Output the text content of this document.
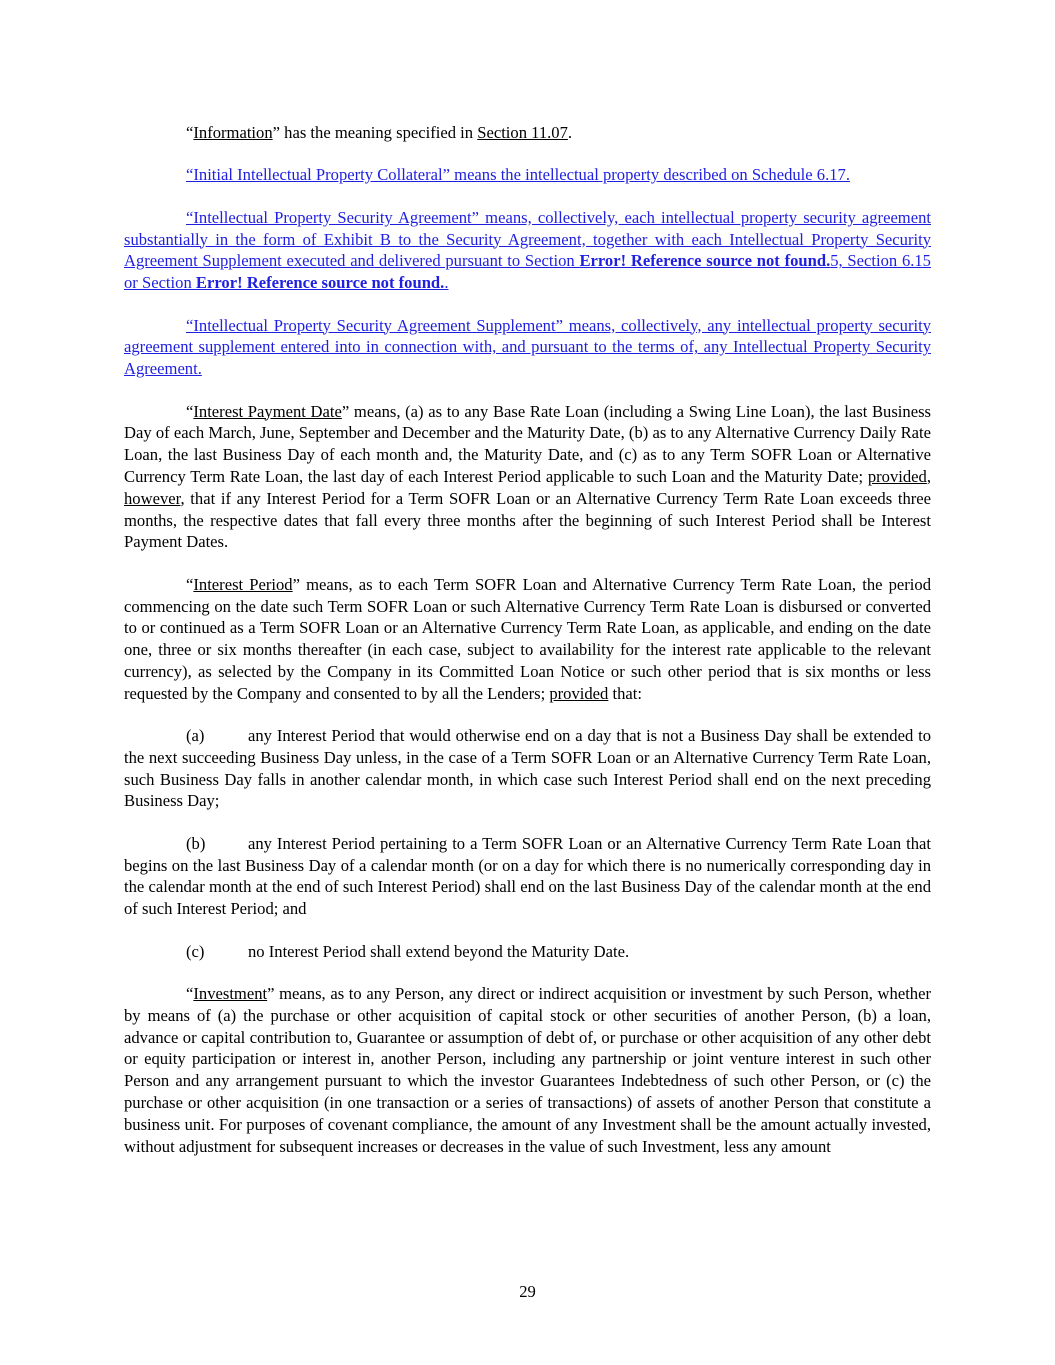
“Information” has the meaning specified in Section 11.07.

“Initial Intellectual Property Collateral” means the intellectual property described on Schedule 6.17.

“Intellectual Property Security Agreement” means, collectively, each intellectual property security agreement substantially in the form of Exhibit B to the Security Agreement, together with each Intellectual Property Security Agreement Supplement executed and delivered pursuant to Section Error! Reference source not found.5, Section 6.15 or Section Error! Reference source not found..

“Intellectual Property Security Agreement Supplement” means, collectively, any intellectual property security agreement supplement entered into in connection with, and pursuant to the terms of, any Intellectual Property Security Agreement.

“Interest Payment Date” means, (a) as to any Base Rate Loan (including a Swing Line Loan), the last Business Day of each March, June, September and December and the Maturity Date, (b) as to any Alternative Currency Daily Rate Loan, the last Business Day of each month and, the Maturity Date, and (c) as to any Term SOFR Loan or Alternative Currency Term Rate Loan, the last day of each Interest Period applicable to such Loan and the Maturity Date; provided, however, that if any Interest Period for a Term SOFR Loan or an Alternative Currency Term Rate Loan exceeds three months, the respective dates that fall every three months after the beginning of such Interest Period shall be Interest Payment Dates.

“Interest Period” means, as to each Term SOFR Loan and Alternative Currency Term Rate Loan, the period commencing on the date such Term SOFR Loan or such Alternative Currency Term Rate Loan is disbursed or converted to or continued as a Term SOFR Loan or an Alternative Currency Term Rate Loan, as applicable, and ending on the date one, three or six months thereafter (in each case, subject to availability for the interest rate applicable to the relevant currency), as selected by the Company in its Committed Loan Notice or such other period that is six months or less requested by the Company and consented to by all the Lenders; provided that:

(a)	any Interest Period that would otherwise end on a day that is not a Business Day shall be extended to the next succeeding Business Day unless, in the case of a Term SOFR Loan or an Alternative Currency Term Rate Loan, such Business Day falls in another calendar month, in which case such Interest Period shall end on the next preceding Business Day;

(b)	any Interest Period pertaining to a Term SOFR Loan or an Alternative Currency Term Rate Loan that begins on the last Business Day of a calendar month (or on a day for which there is no numerically corresponding day in the calendar month at the end of such Interest Period) shall end on the last Business Day of the calendar month at the end of such Interest Period; and

(c)	no Interest Period shall extend beyond the Maturity Date.

“Investment” means, as to any Person, any direct or indirect acquisition or investment by such Person, whether by means of (a) the purchase or other acquisition of capital stock or other securities of another Person, (b) a loan, advance or capital contribution to, Guarantee or assumption of debt of, or purchase or other acquisition of any other debt or equity participation or interest in, another Person, including any partnership or joint venture interest in such other Person and any arrangement pursuant to which the investor Guarantees Indebtedness of such other Person, or (c) the purchase or other acquisition (in one transaction or a series of transactions) of assets of another Person that constitute a business unit. For purposes of covenant compliance, the amount of any Investment shall be the amount actually invested, without adjustment for subsequent increases or decreases in the value of such Investment, less any amount

29
